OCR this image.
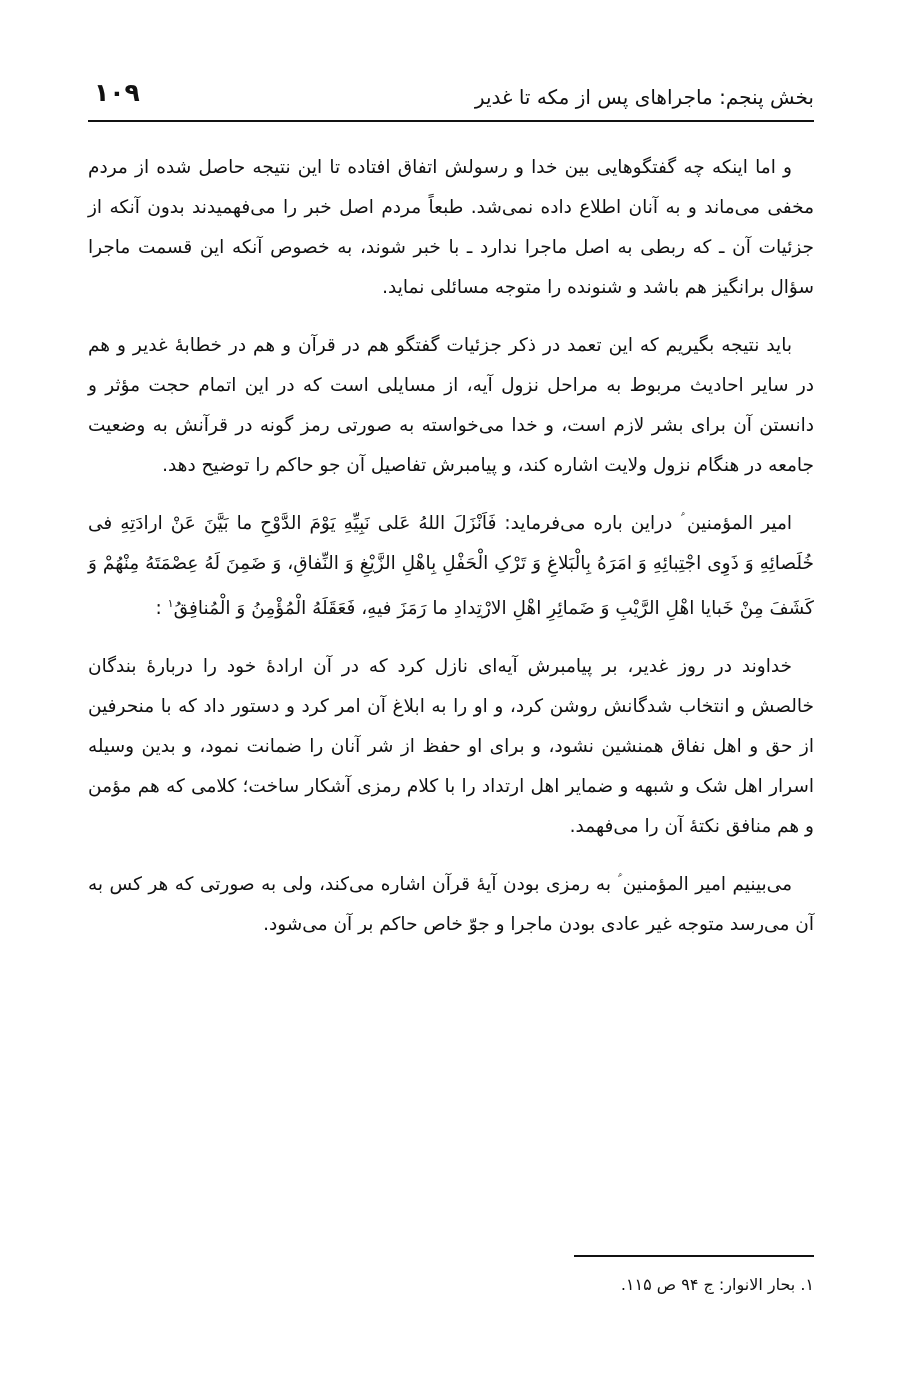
بخش پنجم: ماجراهای پس از مکه تا غدیر
۱۰۹

و اما اینکه چه گفتگوهایی بین خدا و رسولش اتفاق افتاده تا این نتیجه حاصل شده از مردم مخفی می‌ماند و به آنان اطلاع داده نمی‌شد. طبعاً مردم اصل خبر را می‌فهمیدند بدون آنکه از جزئیات آن ـ که ربطی به اصل ماجرا ندارد ـ با خبر شوند، به خصوص آنکه این قسمت ماجرا سؤال برانگیز هم باشد و شنونده را متوجه مسائلی نماید.

باید نتیجه بگیریم که این تعمد در ذکر جزئیات گفتگو هم در قرآن و هم در خطابهٔ غدیر و هم در سایر احادیث مربوط به مراحل نزول آیه، از مسایلی است که در این اتمام حجت مؤثر و دانستن آن برای بشر لازم است، و خدا می‌خواسته به صورتی رمز گونه در قرآنش به وضعیت جامعه در هنگام نزول ولایت اشاره کند، و پیامبرش تفاصیل آن جو حاکم را توضیح دهد.

امیر المؤمنین ؑ دراین باره می‌فرماید: فَاَنْزَلَ اللهُ عَلی نَبِیِّهِ یَوْمَ الدَّوْحِ ما بَیَّنَ عَنْ ارادَتِهِ فی خُلَصائِهِ وَ ذَوِی اجْتِبائِهِ وَ امَرَهُ بِالْبَلاغِ وَ تَرْکِ الْحَفْلِ بِاهْلِ الزَّیْغِ وَ النِّفاقِ، وَ ضَمِنَ لَهُ عِصْمَتَهُ مِنْهُمْ وَ کَشَفَ مِنْ خَبایا اهْلِ الرَّیْبِ وَ ضَمائِرِ اهْلِ الارْتِدادِ ما رَمَزَ فیهِ، فَعَقَلَهُ الْمُؤْمِنُ وَ الْمُنافِقُ$^۱$ :

خداوند در روز غدیر، بر پیامبرش آیه‌ای نازل کرد که در آن ارادهٔ خود را دربارهٔ بندگان خالصش و انتخاب شدگانش روشن کرد، و او را به ابلاغ آن امر کرد و دستور داد که با منحرفین از حق و اهل نفاق همنشین نشود، و برای او حفظ از شر آنان را ضمانت نمود، و بدین وسیله اسرار اهل شک و شبهه و ضمایر اهل ارتداد را با کلام رمزی آشکار ساخت؛ کلامی که هم مؤمن و هم منافق نکتهٔ آن را می‌فهمد.

می‌بینیم امیر المؤمنین ؑ به رمزی بودن آیهٔ قرآن اشاره می‌کند، ولی به صورتی که هر کس به آن می‌رسد متوجه غیر عادی بودن ماجرا و جوّ خاص حاکم بر آن می‌شود.

۱. بحار الانوار: ج ۹۴ ص ۱۱۵.
